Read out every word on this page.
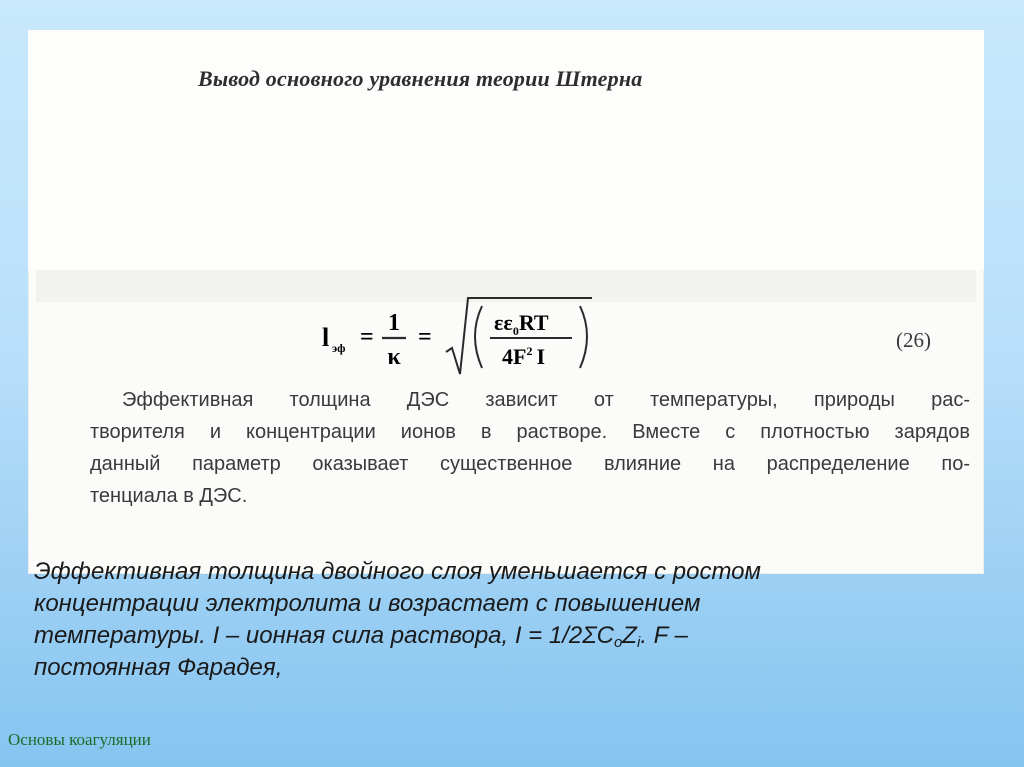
Вывод основного уравнения теории Штерна
l эф =
1
κ
=
$\varepsilon\varepsilon_0RT$
$4F^2$ I
(26)
Эффективная толщина ДЭС зависит от температуры, природы рас-
творителя и концентрации ионов в растворе. Вместе с плотностью зарядов
данный параметр оказывает существенное влияние на распределение по-
тенциала в ДЭС.
Эффективная толщина двойного слоя уменьшается с ростом
концентрации электролита и возрастает с повышением
температуры. I – ионная сила раствора, $I = 1/2\Sigma C_oZ_i$. F –
постоянная Фарадея,
Основы коагуляции
